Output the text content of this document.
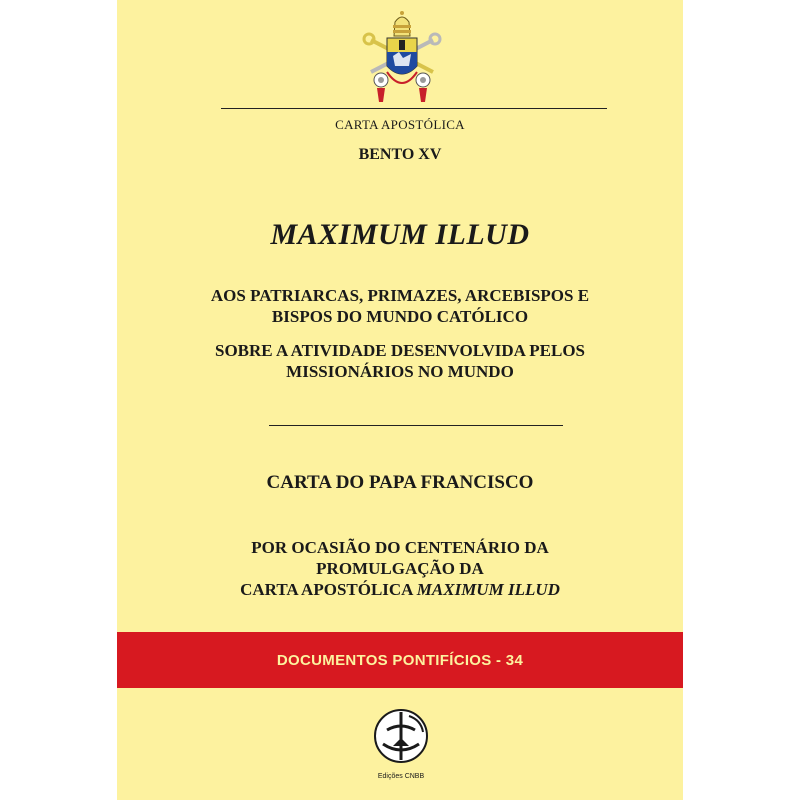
CARTA APOSTÓLICA
BENTO XV
MAXIMUM ILLUD
AOS PATRIARCAS, PRIMAZES, ARCEBISPOS E
BISPOS DO MUNDO CATÓLICO
SOBRE A ATIVIDADE DESENVOLVIDA PELOS
MISSIONÁRIOS NO MUNDO
CARTA DO PAPA FRANCISCO
POR OCASIÃO DO CENTENÁRIO DA
PROMULGAÇÃO DA
CARTA APOSTÓLICA MAXIMUM ILLUD
DOCUMENTOS PONTIFÍCIOS - 34
Edições CNBB
